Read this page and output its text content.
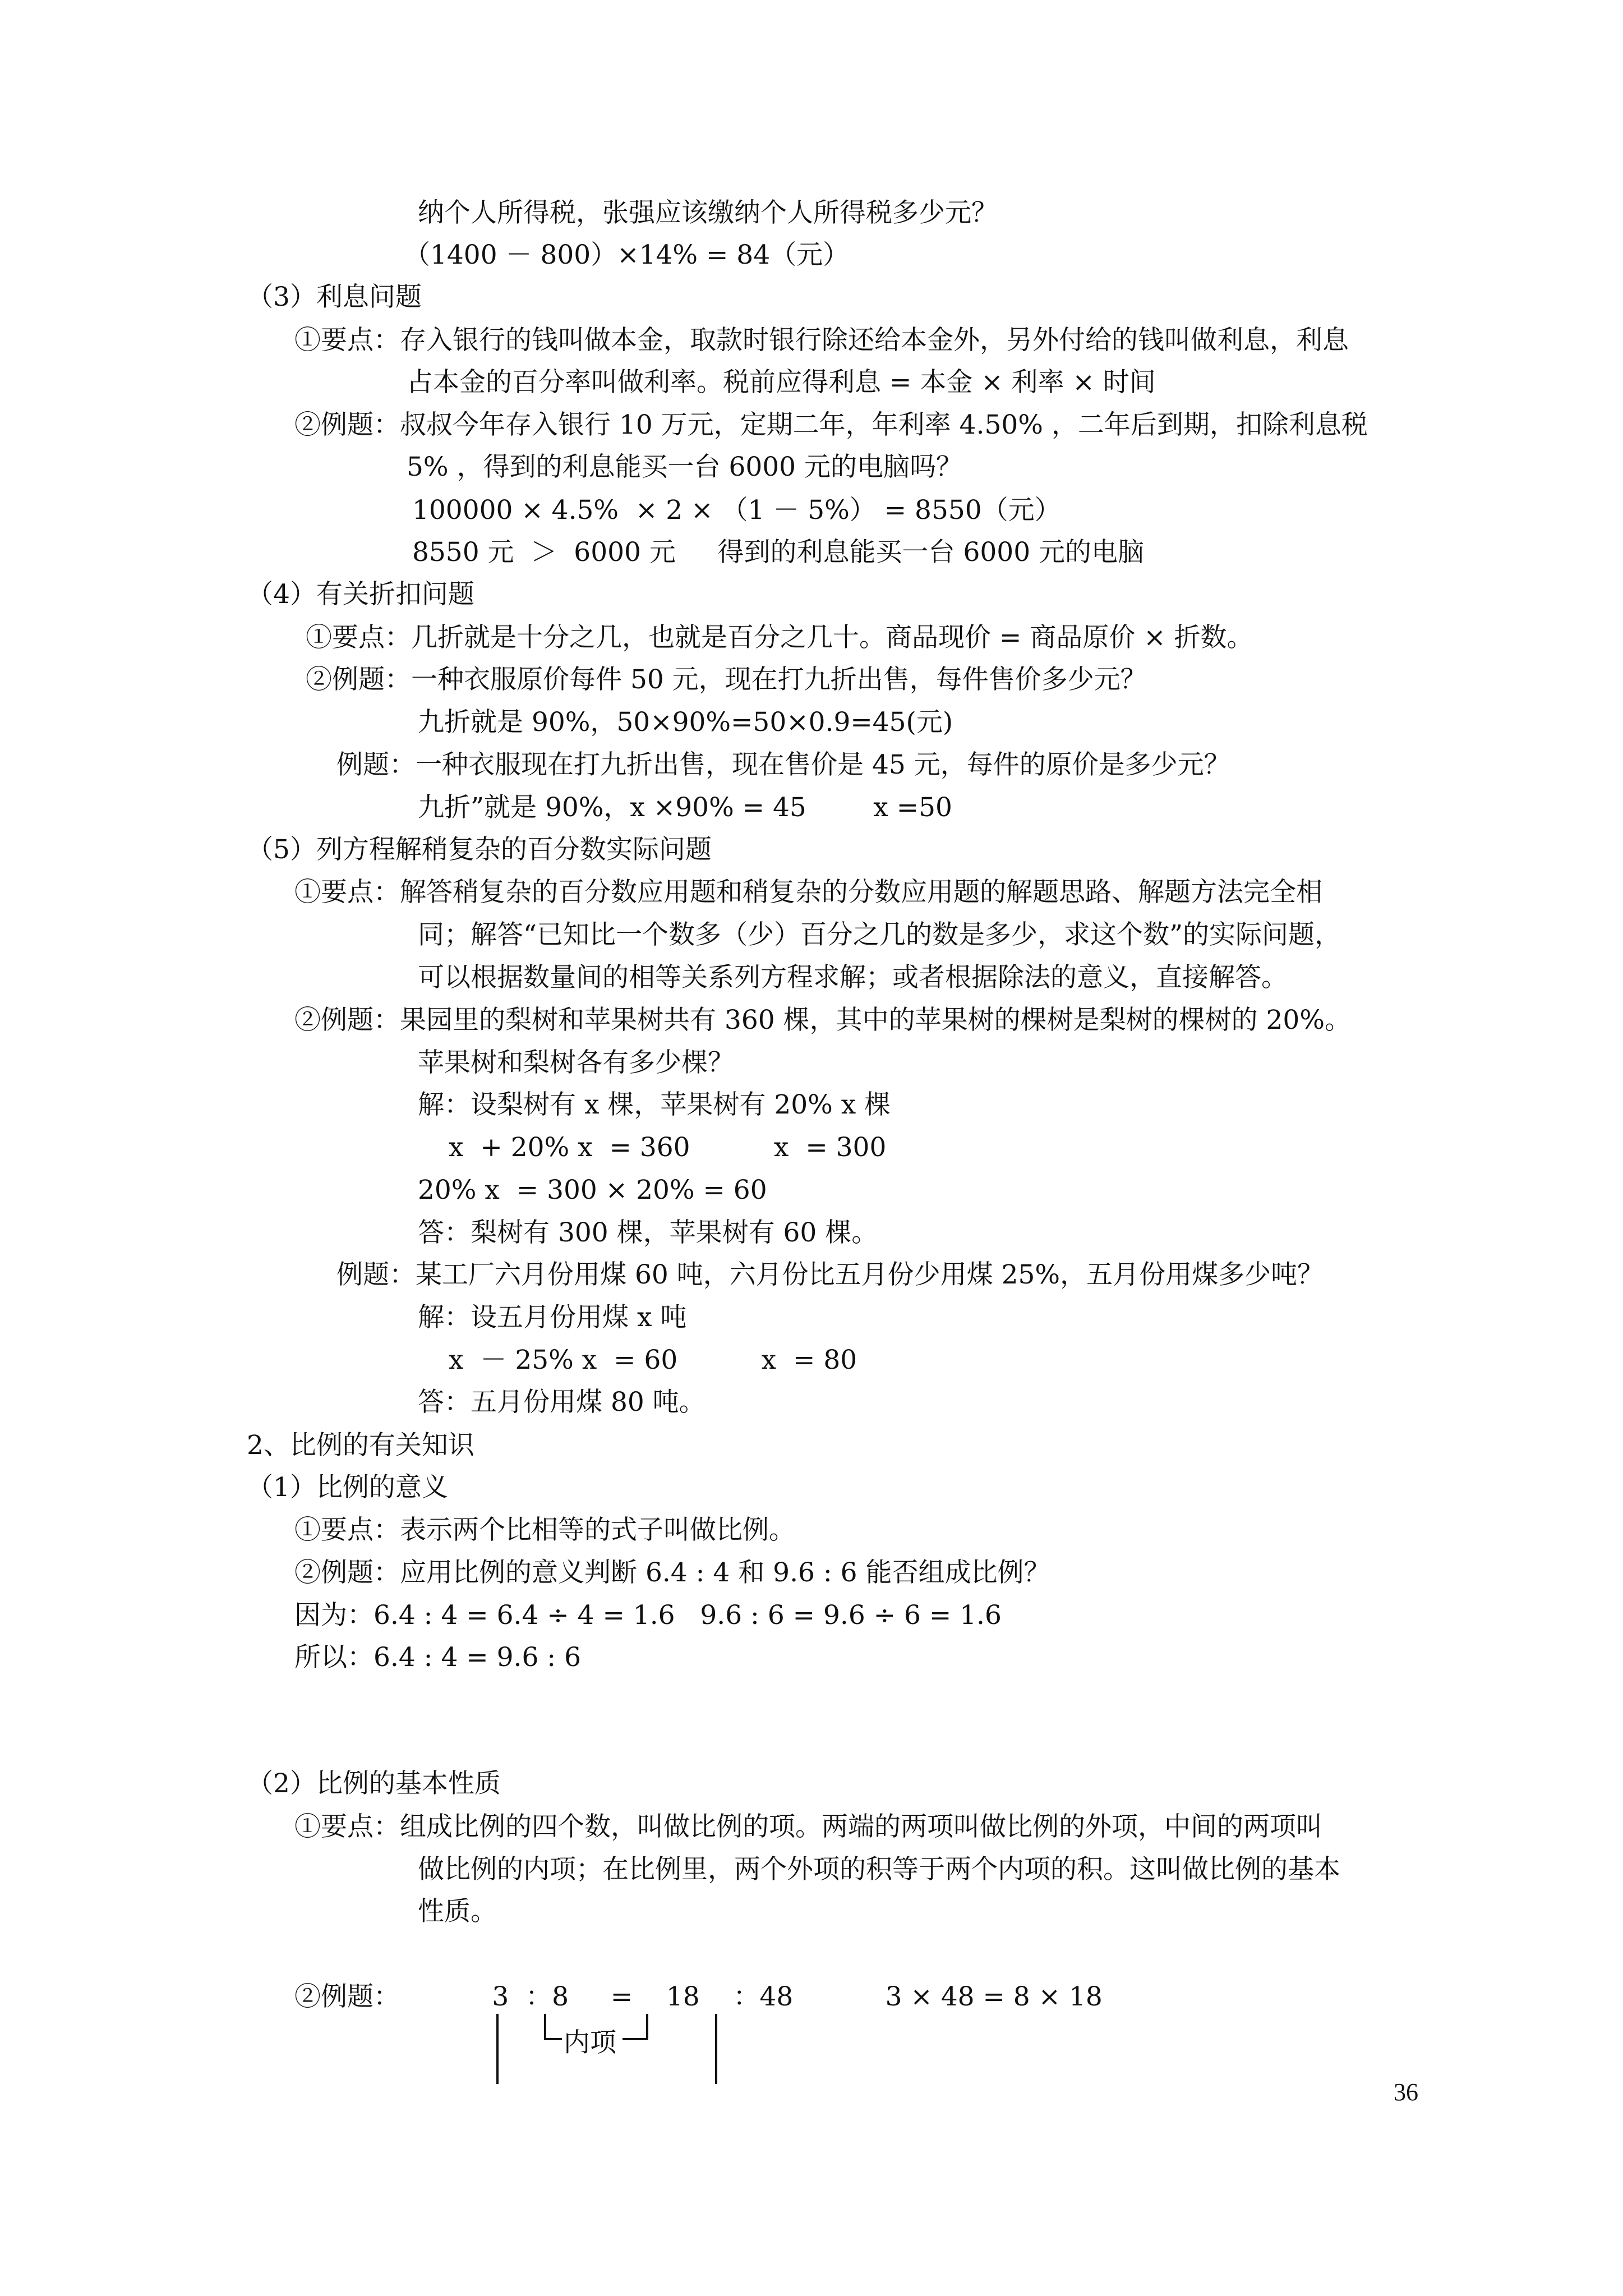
纳个人所得税，张强应该缴纳个人所得税多少元？
（1400 － 800）×14% = 84（元）
（3）利息问题
①要点：存入银行的钱叫做本金，取款时银行除还给本金外，另外付给的钱叫做利息，利息
占本金的百分率叫做利率。税前应得利息 = 本金 × 利率 × 时间
②例题：叔叔今年存入银行 10 万元，定期二年，年利率 4.50% ，二年后到期，扣除利息税
5% ，得到的利息能买一台 6000 元的电脑吗？
100000 × 4.5%  × 2 × （1 － 5%） = 8550（元）
8550 元  ＞  6000 元     得到的利息能买一台 6000 元的电脑
（4）有关折扣问题
①要点：几折就是十分之几，也就是百分之几十。商品现价 = 商品原价 × 折数。
②例题：一种衣服原价每件 50 元，现在打九折出售，每件售价多少元？
九折就是 90%，50×90%=50×0.9=45(元)
例题：一种衣服现在打九折出售，现在售价是 45 元，每件的原价是多少元？
九折”就是 90%，x ×90% = 45        x =50
（5）列方程解稍复杂的百分数实际问题
①要点：解答稍复杂的百分数应用题和稍复杂的分数应用题的解题思路、解题方法完全相
同；解答“已知比一个数多（少）百分之几的数是多少，求这个数”的实际问题，
可以根据数量间的相等关系列方程求解；或者根据除法的意义，直接解答。
②例题：果园里的梨树和苹果树共有 360 棵，其中的苹果树的棵树是梨树的棵树的 20%。
苹果树和梨树各有多少棵？
解：设梨树有 x 棵，苹果树有 20% x 棵
x  + 20% x  = 360          x  = 300
20% x  = 300 × 20% = 60
答：梨树有 300 棵，苹果树有 60 棵。
例题：某工厂六月份用煤 60 吨，六月份比五月份少用煤 25%，五月份用煤多少吨？
解：设五月份用煤 x 吨
x  － 25% x  = 60          x  = 80
答：五月份用煤 80 吨。
2、比例的有关知识
（1）比例的意义
①要点：表示两个比相等的式子叫做比例。
②例题：应用比例的意义判断 6.4 : 4 和 9.6 : 6 能否组成比例？
因为：6.4 : 4 = 6.4 ÷ 4 = 1.6   9.6 : 6 = 9.6 ÷ 6 = 1.6
所以：6.4 : 4 = 9.6 : 6
（2）比例的基本性质
①要点：组成比例的四个数，叫做比例的项。两端的两项叫做比例的外项，中间的两项叫
做比例的内项；在比例里，两个外项的积等于两个内项的积。这叫做比例的基本
性质。
②例题：           3  ：8     =    18    ：48           3 × 48 = 8 × 18
内项
36
